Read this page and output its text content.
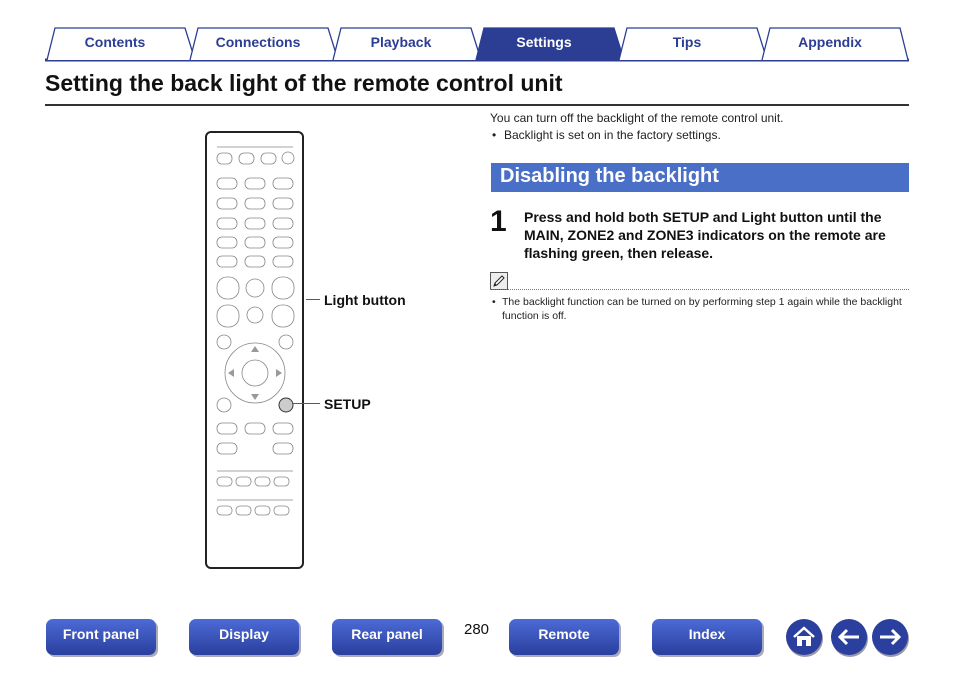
Contents	Connections	Playback	Settings	Tips	Appendix
Setting the back light of the remote control unit
Light button
SETUP
You can turn off the backlight of the remote control unit.
• Backlight is set on in the factory settings.
Disabling the backlight
1 Press and hold both SETUP and Light button until the MAIN, ZONE2 and ZONE3 indicators on the remote are flashing green, then release.
• The backlight function can be turned on by performing step 1 again while the backlight function is off.
Front panel	Display	Rear panel	280	Remote	Index
